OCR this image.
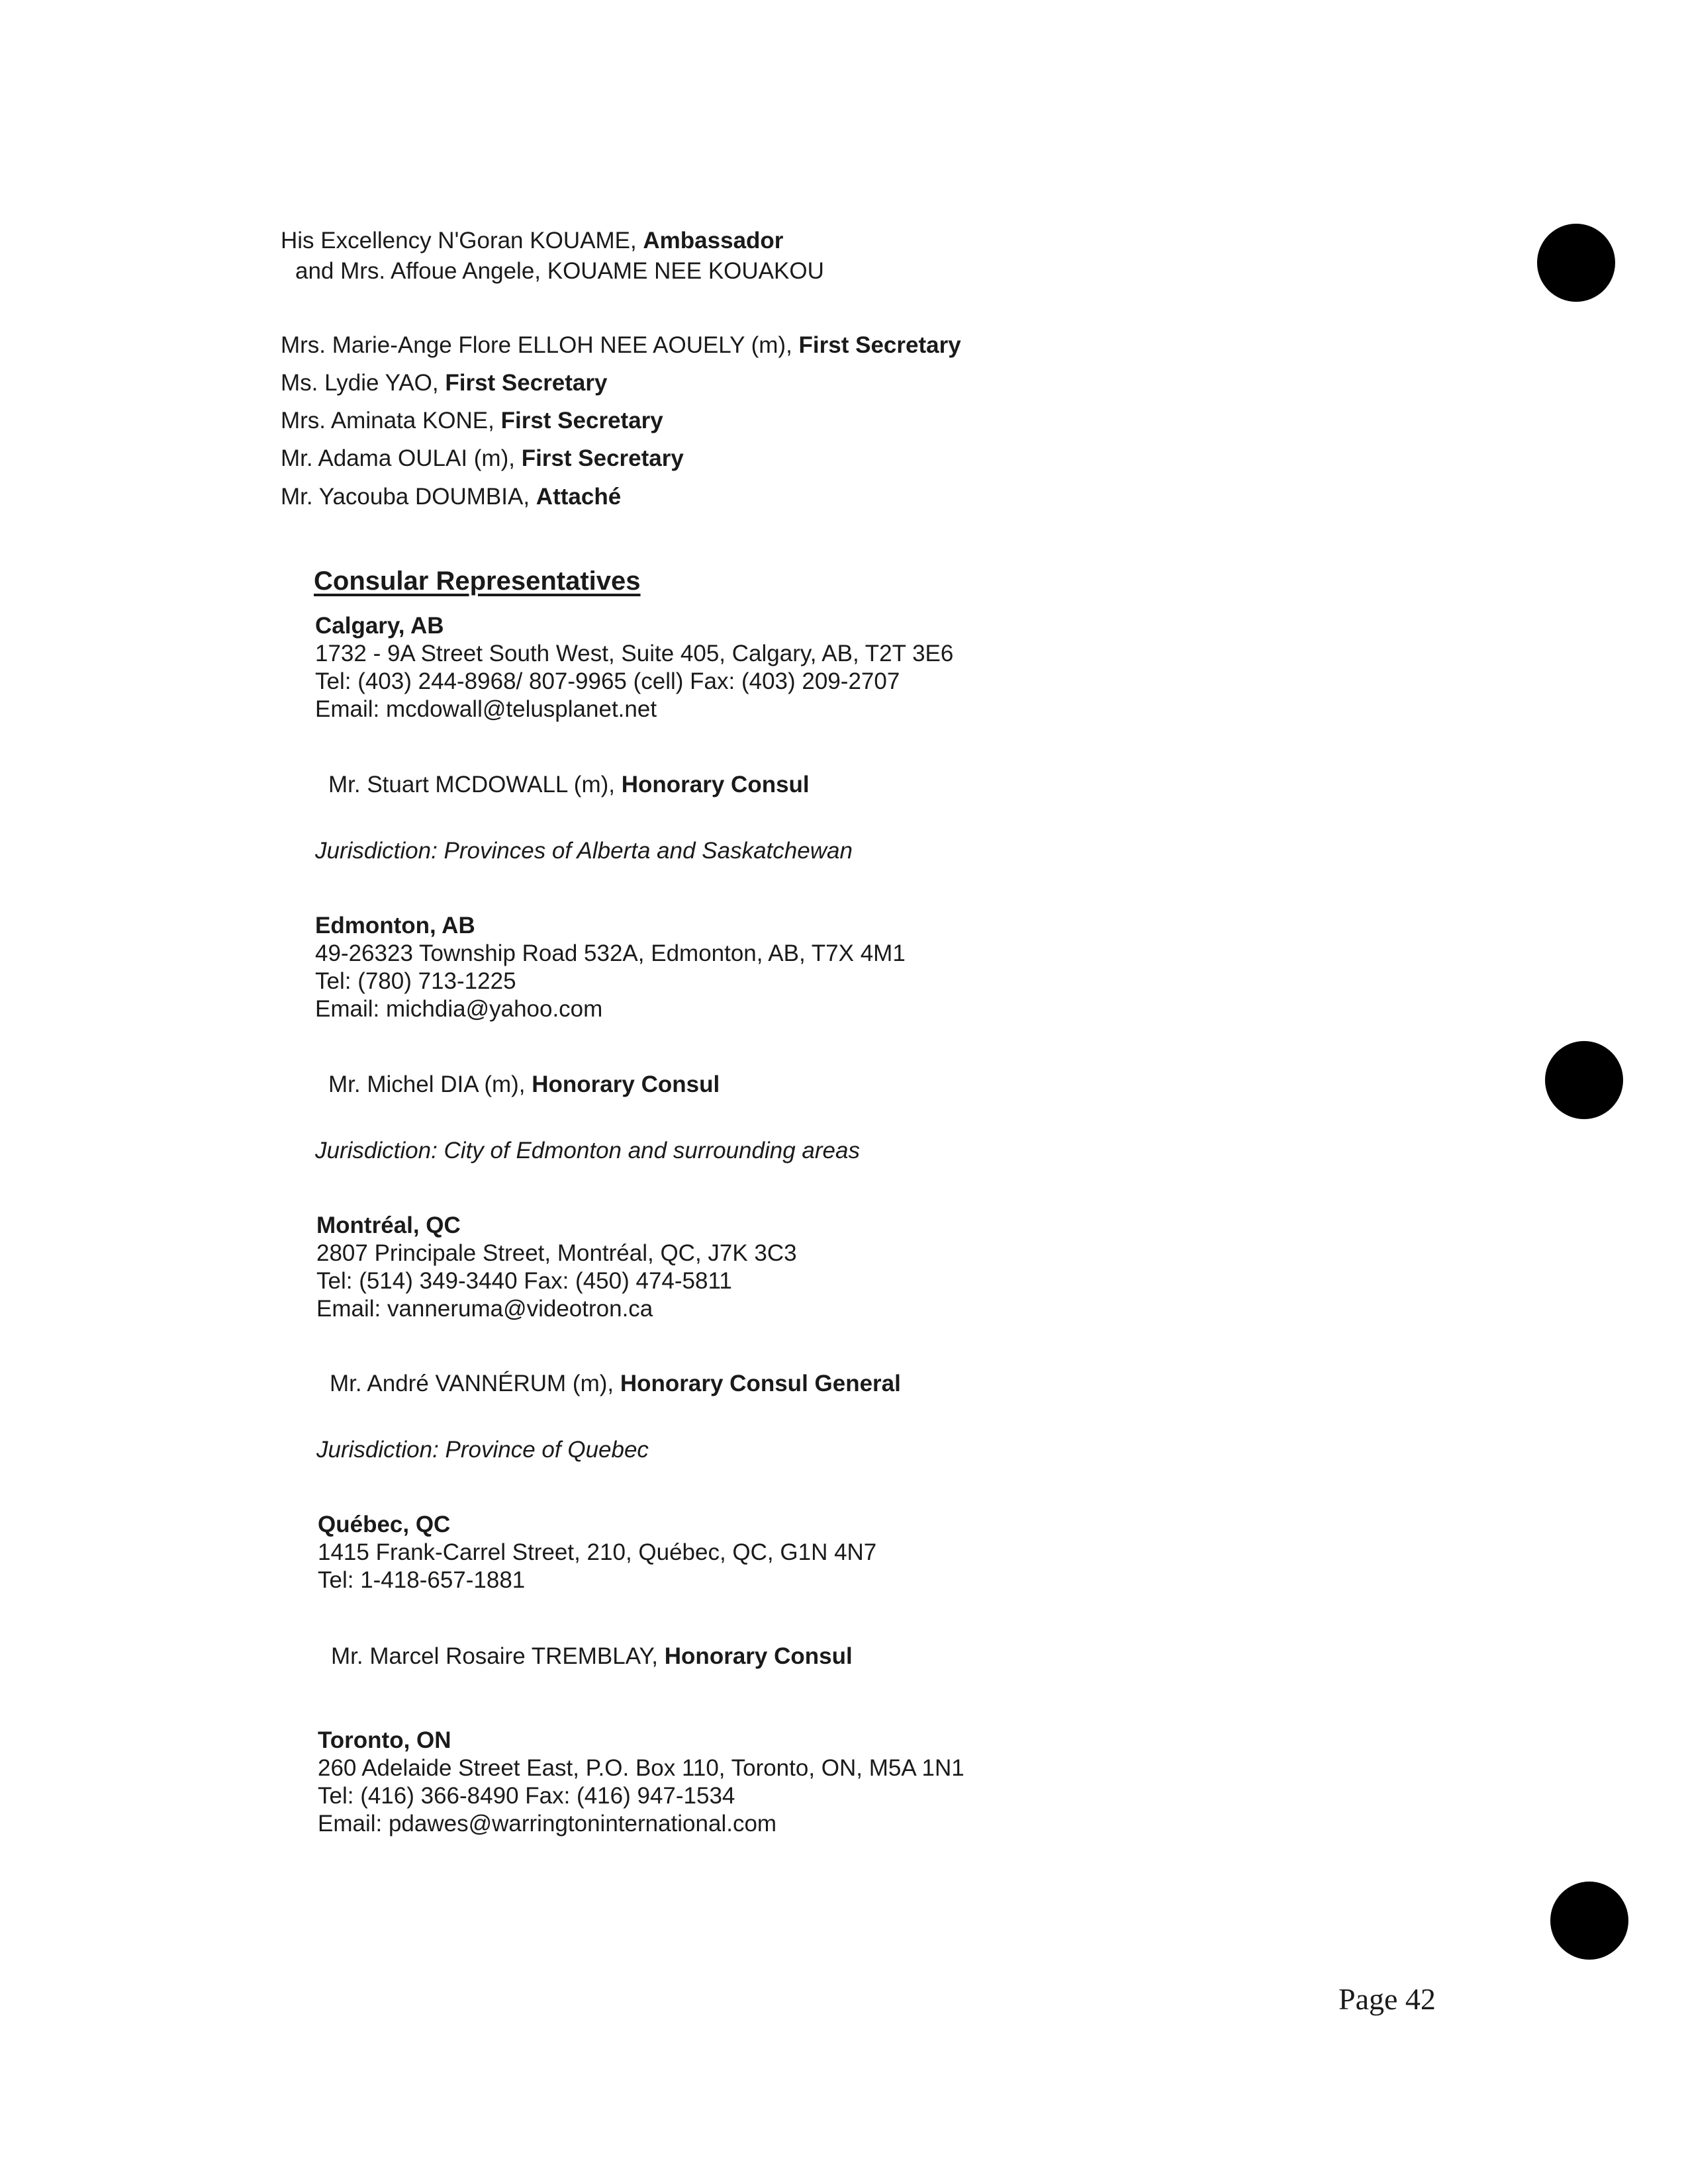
His Excellency N'Goran KOUAME, Ambassador
and Mrs. Affoue Angele, KOUAME NEE KOUAKOU
Mrs. Marie-Ange Flore ELLOH NEE AOUELY (m), First Secretary
Ms. Lydie YAO, First Secretary
Mrs. Aminata KONE, First Secretary
Mr. Adama OULAI (m), First Secretary
Mr. Yacouba DOUMBIA, Attaché
Consular Representatives
Calgary, AB
1732 - 9A Street South West, Suite 405, Calgary, AB, T2T 3E6
Tel: (403) 244-8968/ 807-9965 (cell) Fax: (403) 209-2707
Email: mcdowall@telusplanet.net
Mr. Stuart MCDOWALL (m), Honorary Consul
Jurisdiction: Provinces of Alberta and Saskatchewan
Edmonton, AB
49-26323 Township Road 532A, Edmonton, AB, T7X 4M1
Tel: (780) 713-1225
Email: michdia@yahoo.com
Mr. Michel DIA (m), Honorary Consul
Jurisdiction: City of Edmonton and surrounding areas
Montréal, QC
2807 Principale Street, Montréal, QC, J7K 3C3
Tel: (514) 349-3440 Fax: (450) 474-5811
Email: vanneruma@videotron.ca
Mr. André VANNÉRUM (m), Honorary Consul General
Jurisdiction: Province of Quebec
Québec, QC
1415 Frank-Carrel Street, 210, Québec, QC, G1N 4N7
Tel: 1-418-657-1881
Mr. Marcel Rosaire TREMBLAY, Honorary Consul
Toronto, ON
260 Adelaide Street East, P.O. Box 110, Toronto, ON, M5A 1N1
Tel: (416) 366-8490 Fax: (416) 947-1534
Email: pdawes@warringtoninternational.com
Page 42
